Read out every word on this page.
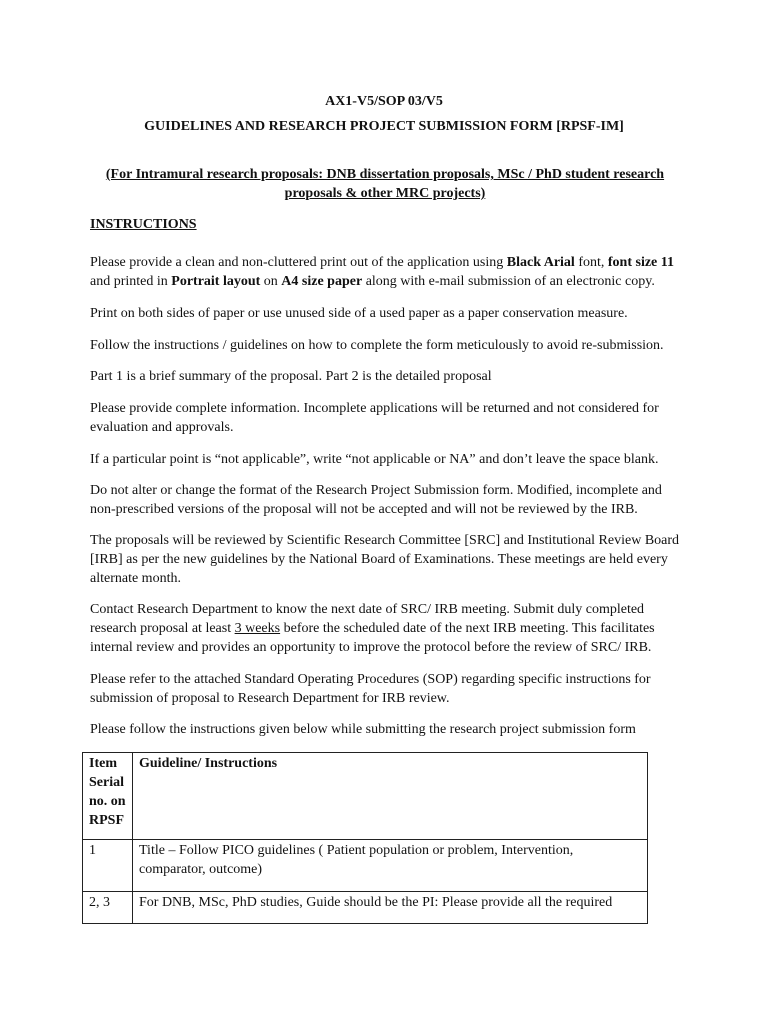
AX1-V5/SOP 03/V5
GUIDELINES AND RESEARCH PROJECT SUBMISSION FORM [RPSF-IM]
(For Intramural research proposals: DNB dissertation proposals, MSc / PhD student research proposals & other MRC projects)
INSTRUCTIONS
Please provide a clean and non-cluttered print out of the application using Black Arial font, font size 11 and printed in Portrait layout on A4 size paper along with e-mail submission of an electronic copy.
Print on both sides of paper or use unused side of a used paper as a paper conservation measure.
Follow the instructions / guidelines on how to complete the form meticulously to avoid re-submission.
Part 1 is a brief summary of the proposal. Part 2 is the detailed proposal
Please provide complete information. Incomplete applications will be returned and not considered for evaluation and approvals.
If a particular point is “not applicable”, write “not applicable or NA” and don’t leave the space blank.
Do not alter or change the format of the Research Project Submission form. Modified, incomplete and non-prescribed versions of the proposal will not be accepted and will not be reviewed by the IRB.
The proposals will be reviewed by Scientific Research Committee [SRC] and Institutional Review Board [IRB] as per the new guidelines by the National Board of Examinations. These meetings are held every alternate month.
Contact Research Department to know the next date of SRC/ IRB meeting. Submit duly completed research proposal at least 3 weeks before the scheduled date of the next IRB meeting. This facilitates internal review and provides an opportunity to improve the protocol before the review of SRC/ IRB.
Please refer to the attached Standard Operating Procedures (SOP) regarding specific instructions for submission of proposal to Research Department for IRB review.
Please follow the instructions given below while submitting the research project submission form
Item Serial no. on RPSF	Guideline/ Instructions
1	Title – Follow PICO guidelines ( Patient population or problem, Intervention, comparator, outcome)
2, 3	For DNB, MSc, PhD studies, Guide should be the PI: Please provide all the required
